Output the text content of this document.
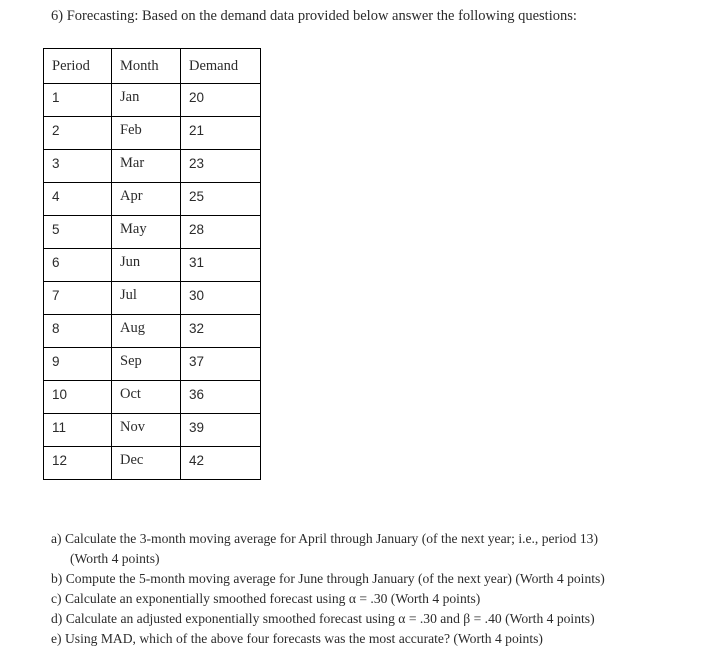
6) Forecasting: Based on the demand data provided below answer the following questions:
Period	Month	Demand
1	Jan	20
2	Feb	21
3	Mar	23
4	Apr	25
5	May	28
6	Jun	31
7	Jul	30
8	Aug	32
9	Sep	37
10	Oct	36
11	Nov	39
12	Dec	42
a) Calculate the 3-month moving average for April through January (of the next year; i.e., period 13)
(Worth 4 points)
b) Compute the 5-month moving average for June through January (of the next year) (Worth 4 points)
c) Calculate an exponentially smoothed forecast using α = .30 (Worth 4 points)
d) Calculate an adjusted exponentially smoothed forecast using α = .30 and β = .40 (Worth 4 points)
e) Using MAD, which of the above four forecasts was the most accurate? (Worth 4 points)
